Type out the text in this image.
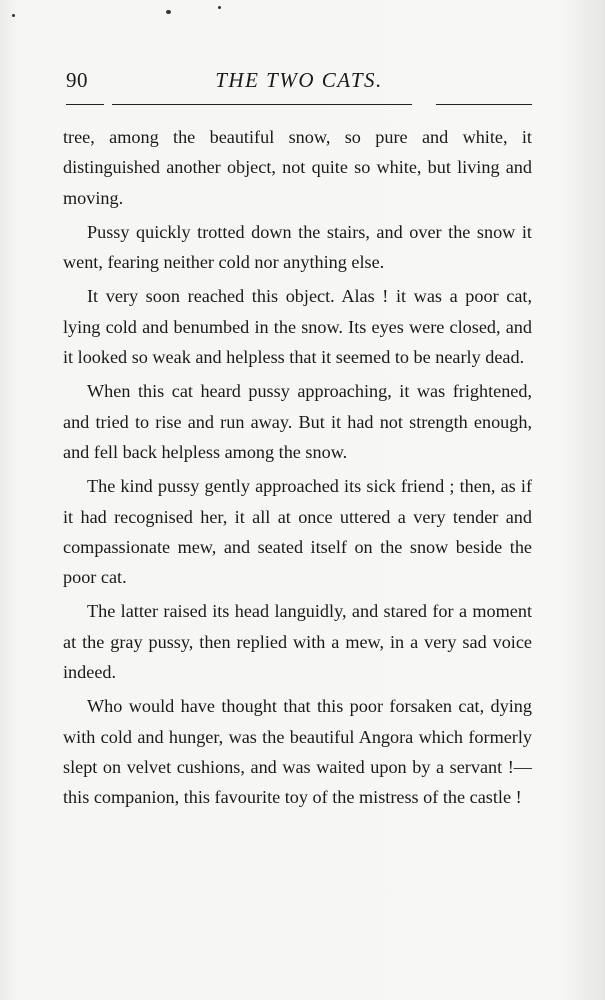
90	THE TWO CATS.

tree, among the beautiful snow, so pure and white, it distinguished another object, not quite so white, but living and moving.

Pussy quickly trotted down the stairs, and over the snow it went, fearing neither cold nor anything else.

It very soon reached this object. Alas ! it was a poor cat, lying cold and benumbed in the snow. Its eyes were closed, and it looked so weak and helpless that it seemed to be nearly dead.

When this cat heard pussy approaching, it was frightened, and tried to rise and run away. But it had not strength enough, and fell back helpless among the snow.

The kind pussy gently approached its sick friend ; then, as if it had recognised her, it all at once uttered a very tender and compassionate mew, and seated itself on the snow beside the poor cat.

The latter raised its head languidly, and stared for a moment at the gray pussy, then replied with a mew, in a very sad voice indeed.

Who would have thought that this poor forsaken cat, dying with cold and hunger, was the beautiful Angora which formerly slept on velvet cushions, and was waited upon by a servant !—this companion, this favourite toy of the mistress of the castle !
